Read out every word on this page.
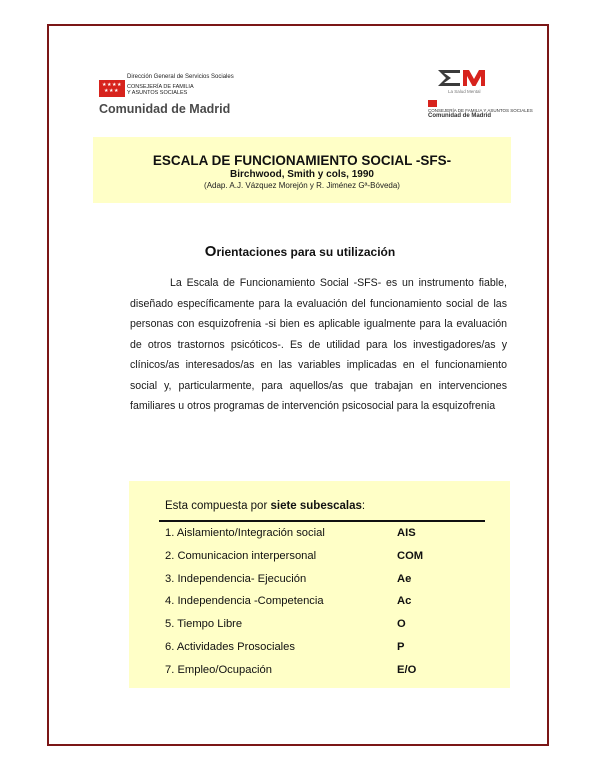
★★★★
★★★
Dirección General de Servicios Sociales
CONSEJERÍA DE FAMILIA
Y ASUNTOS SOCIALES
Comunidad de Madrid
La Salud Mental
CONSEJERÍA DE FAMILIA Y ASUNTOS SOCIALES
Comunidad de Madrid
ESCALA DE FUNCIONAMIENTO SOCIAL -SFS-
Birchwood, Smith y cols, 1990
(Adap. A.J. Vázquez Morejón y R. Jiménez Gª-Bóveda)
Orientaciones para su utilización

La Escala de Funcionamiento Social -SFS- es un instrumento fiable, diseñado específicamente para la evaluación del funcionamiento social de las personas con esquizofrenia -si bien es aplicable igualmente para la evaluación de otros trastornos psicóticos-. Es de utilidad para los investigadores/as y clínicos/as interesados/as en las variables implicadas en el funcionamiento social y, particularmente, para aquellos/as que trabajan en intervenciones familiares u otros programas de intervención psicosocial para la esquizofrenia

Esta compuesta por siete subescalas:
1. Aislamiento/Integración social	AIS
2. Comunicacion interpersonal	COM
3. Independencia- Ejecución	Ae
4. Independencia -Competencia	Ac
5. Tiempo Libre	O
6. Actividades Prosociales	P
7. Empleo/Ocupación	E/O
